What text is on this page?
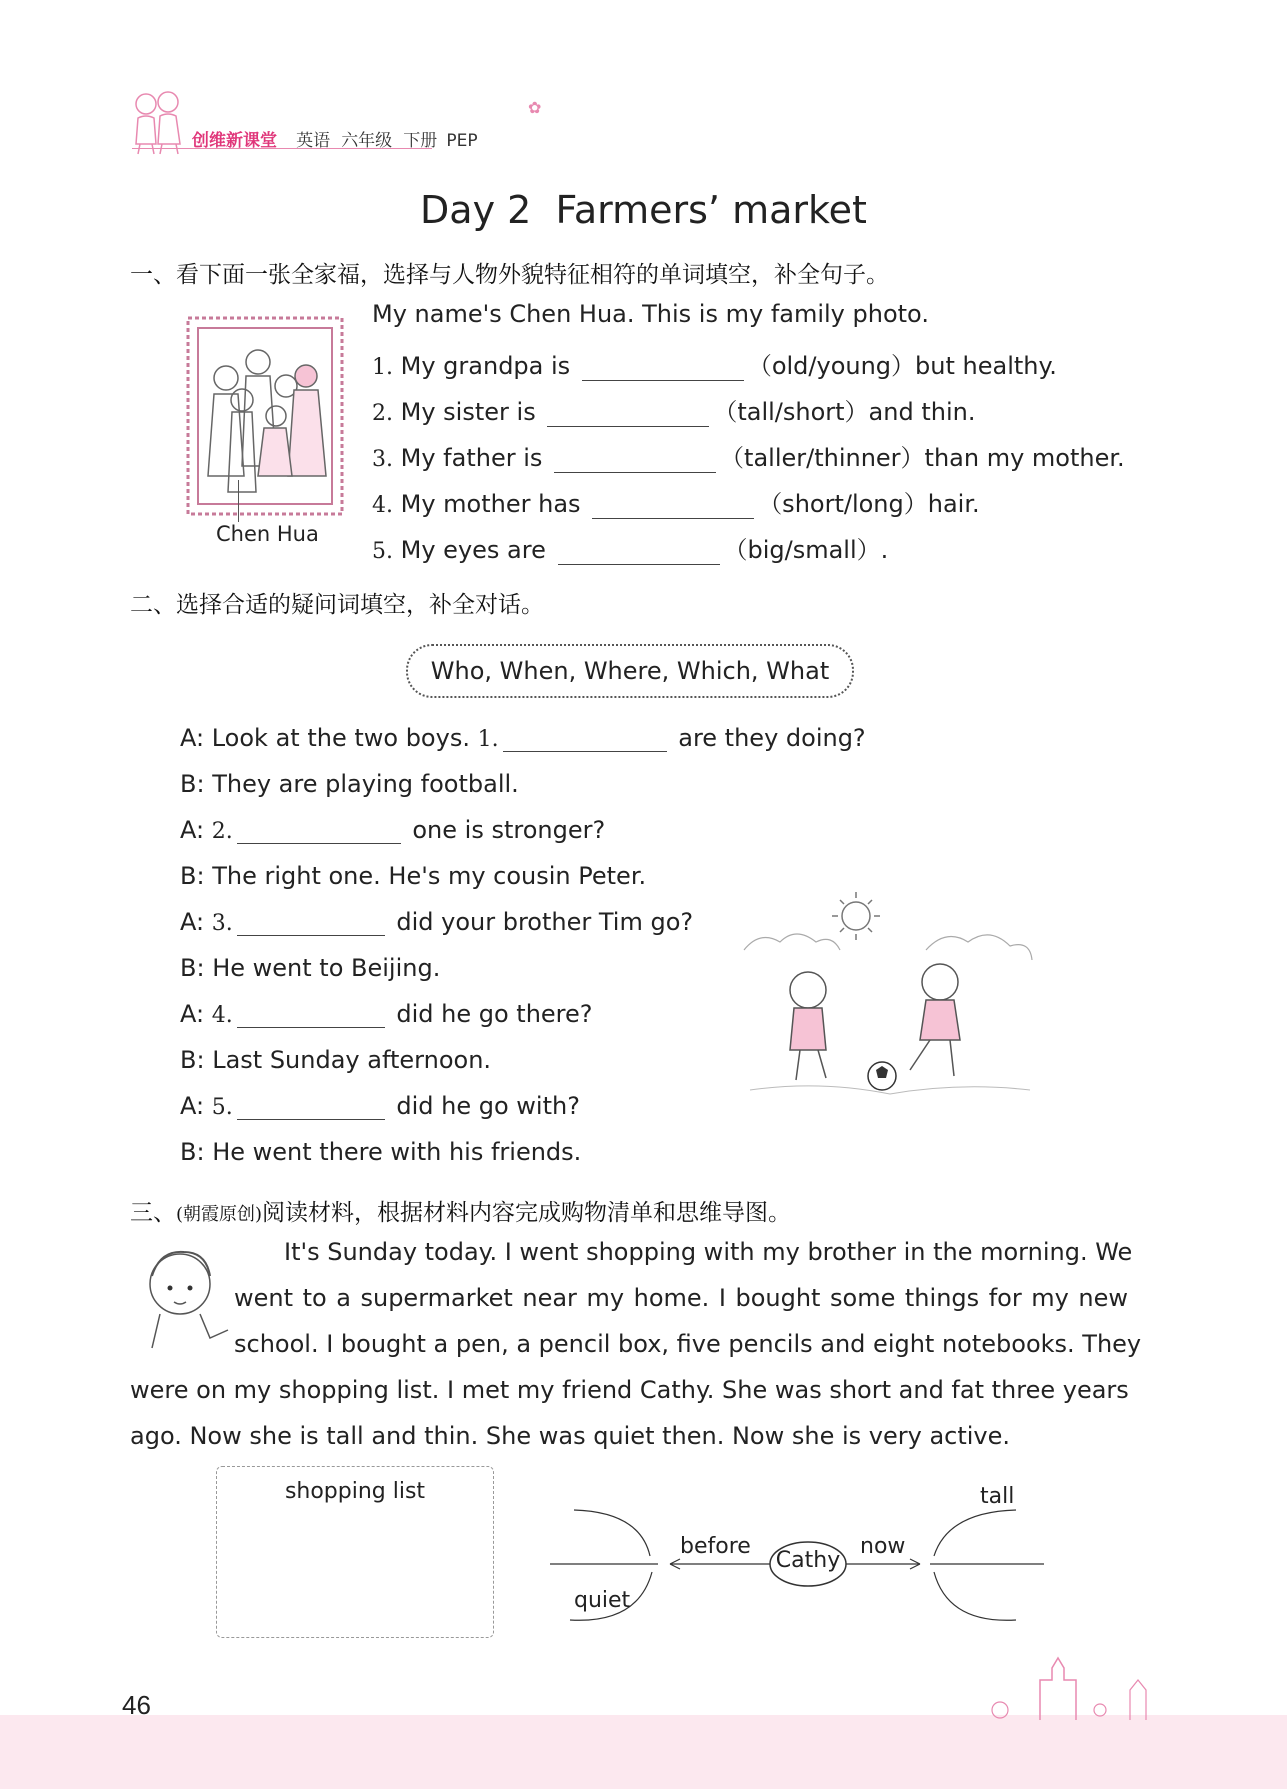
创维新课堂 英语 六年级 下册 PEP
✿
Day 2  Farmers’ market
一、看下面一张全家福，选择与人物外貌特征相符的单词填空，补全句子。
Chen Hua
My name's Chen Hua. This is my family photo.
1. My grandpa is	（old/young）but healthy.
2. My sister is	（tall/short）and thin.
3. My father is	（taller/thinner）than my mother.
4. My mother has	（short/long）hair.
5. My eyes are	（big/small）.
二、选择合适的疑问词填空，补全对话。
Who, When, Where, Which, What
A: Look at the two boys. 1.	are they doing?
B: They are playing football.
A: 2.	one is stronger?
B: The right one. He's my cousin Peter.
A: 3.	did your brother Tim go?
B: He went to Beijing.
A: 4.	did he go there?
B: Last Sunday afternoon.
A: 5.	did he go with?
B: He went there with his friends.
三、(朝霞原创)阅读材料，根据材料内容完成购物清单和思维导图。
It's Sunday today. I went shopping with my brother in the morning. We
went to a supermarket near my home. I bought some things for my new
school. I bought a pen, a pencil box, five pencils and eight notebooks. They
were on my shopping list. I met my friend Cathy. She was short and fat three years
ago. Now she is tall and thin. She was quiet then. Now she is very active.
shopping list
Cathy
before	now
tall
quiet
46
